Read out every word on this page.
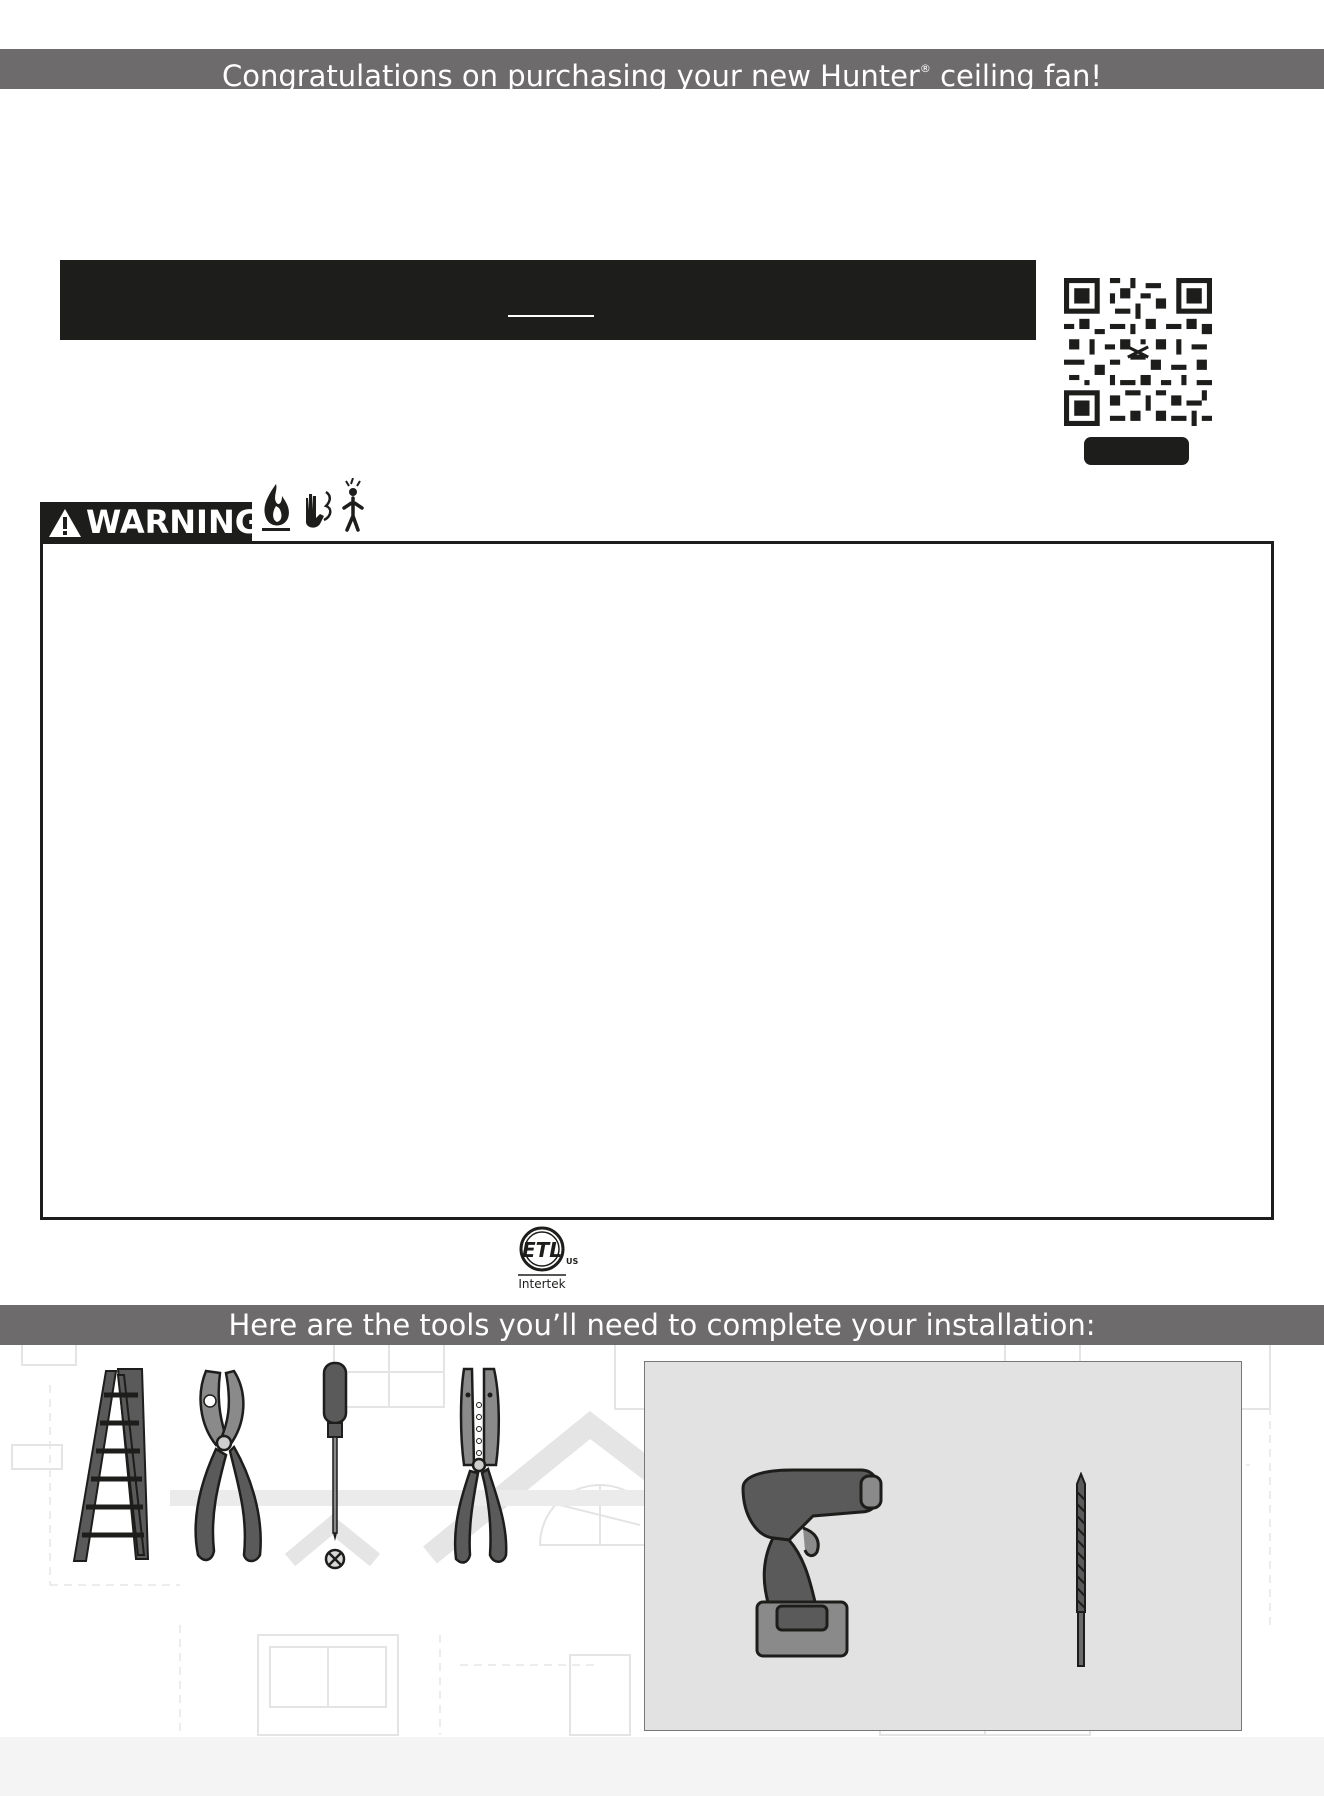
Congratulations on purchasing your new Hunter® ceiling fan!
WARNING
ETL US
Intertek
Here are the tools you’ll need to complete your installation:
